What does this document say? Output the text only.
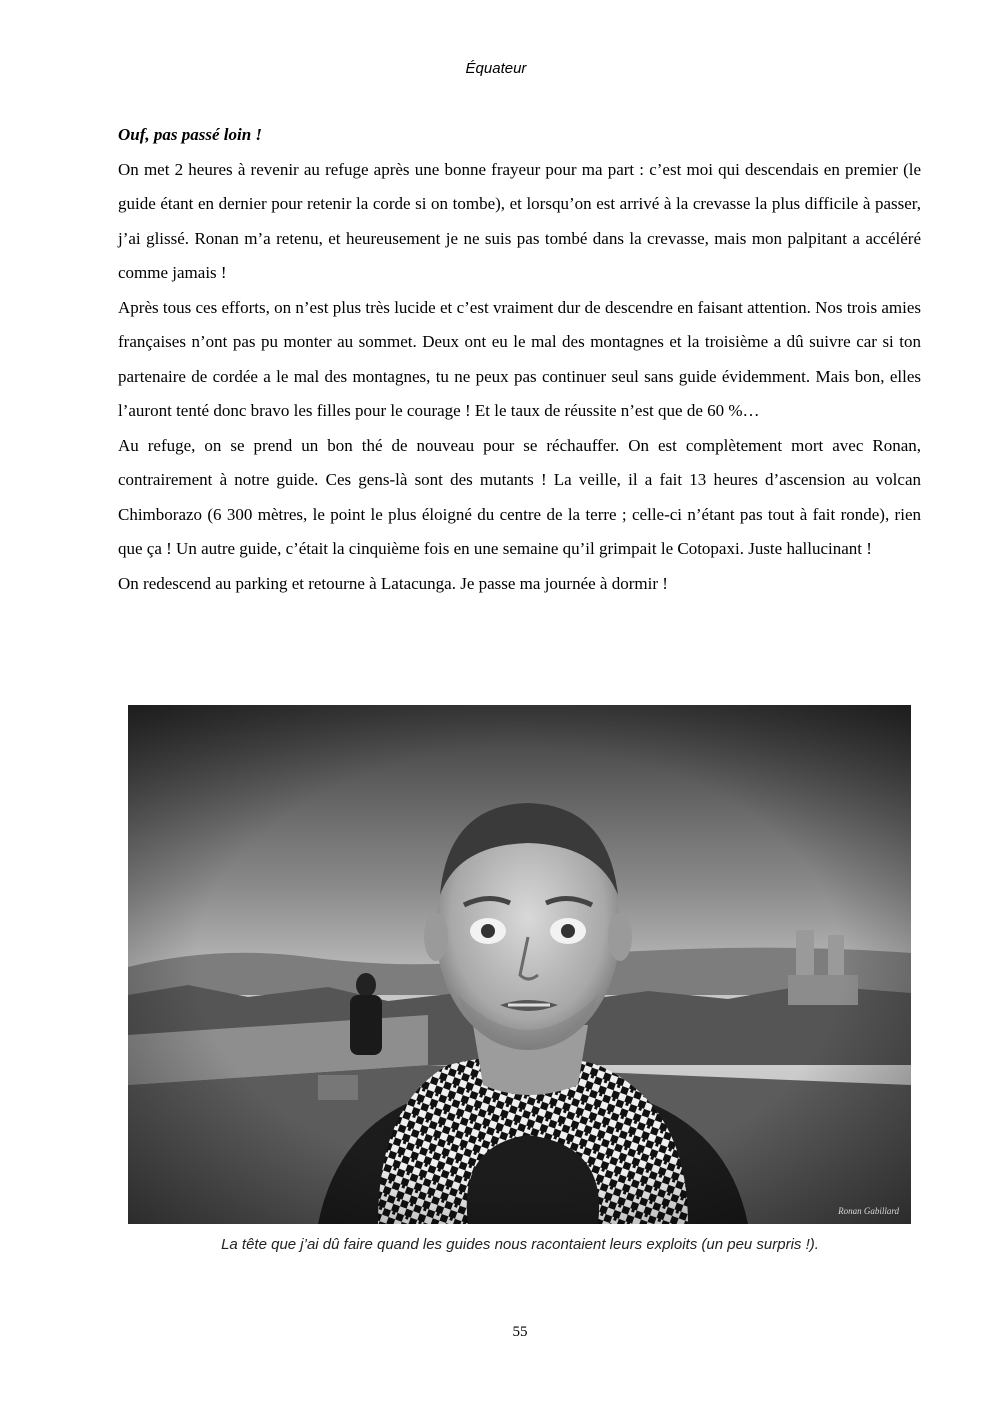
Équateur

Ouf, pas passé loin !

On met 2 heures à revenir au refuge après une bonne frayeur pour ma part : c’est moi qui descendais en premier (le guide étant en dernier pour retenir la corde si on tombe), et lorsqu’on est arrivé à la crevasse la plus difficile à passer, j’ai glissé. Ronan m’a retenu, et heureusement je ne suis pas tombé dans la crevasse, mais mon palpitant a accéléré comme jamais !

Après tous ces efforts, on n’est plus très lucide et c’est vraiment dur de descendre en faisant attention. Nos trois amies françaises n’ont pas pu monter au sommet. Deux ont eu le mal des montagnes et la troisième a dû suivre car si ton partenaire de cordée a le mal des montagnes, tu ne peux pas continuer seul sans guide évidemment. Mais bon, elles l’auront tenté donc bravo les filles pour le courage ! Et le taux de réussite n’est que de 60 %…

Au refuge, on se prend un bon thé de nouveau pour se réchauffer. On est complètement mort avec Ronan, contrairement à notre guide. Ces gens-là sont des mutants ! La veille, il a fait 13 heures d’ascension au volcan Chimborazo (6 300 mètres, le point le plus éloigné du centre de la terre ; celle-ci n’étant pas tout à fait ronde), rien que ça ! Un autre guide, c’était la cinquième fois en une semaine qu’il grimpait le Cotopaxi. Juste hallucinant !

On redescend au parking et retourne à Latacunga. Je passe ma journée à dormir !

Ronan Gabillard
La tête que j’ai dû faire quand les guides nous racontaient leurs exploits (un peu surpris !).
55
